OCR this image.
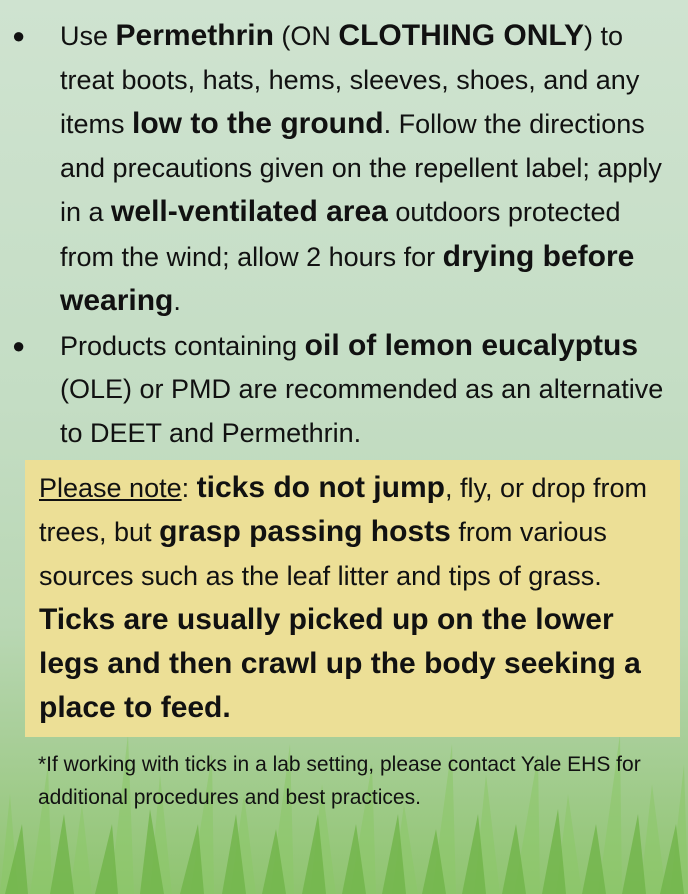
● Use Permethrin (ON CLOTHING ONLY) to treat boots, hats, hems, sleeves, shoes, and any items low to the ground. Follow the directions and precautions given on the repellent label; apply in a well-ventilated area outdoors protected from the wind; allow 2 hours for drying before wearing.
● Products containing oil of lemon eucalyptus (OLE) or PMD are recommended as an alternative to DEET and Permethrin.
Please note: ticks do not jump, fly, or drop from trees, but grasp passing hosts from various sources such as the leaf litter and tips of grass. Ticks are usually picked up on the lower legs and then crawl up the body seeking a place to feed.
*If working with ticks in a lab setting, please contact Yale EHS for additional procedures and best practices.
